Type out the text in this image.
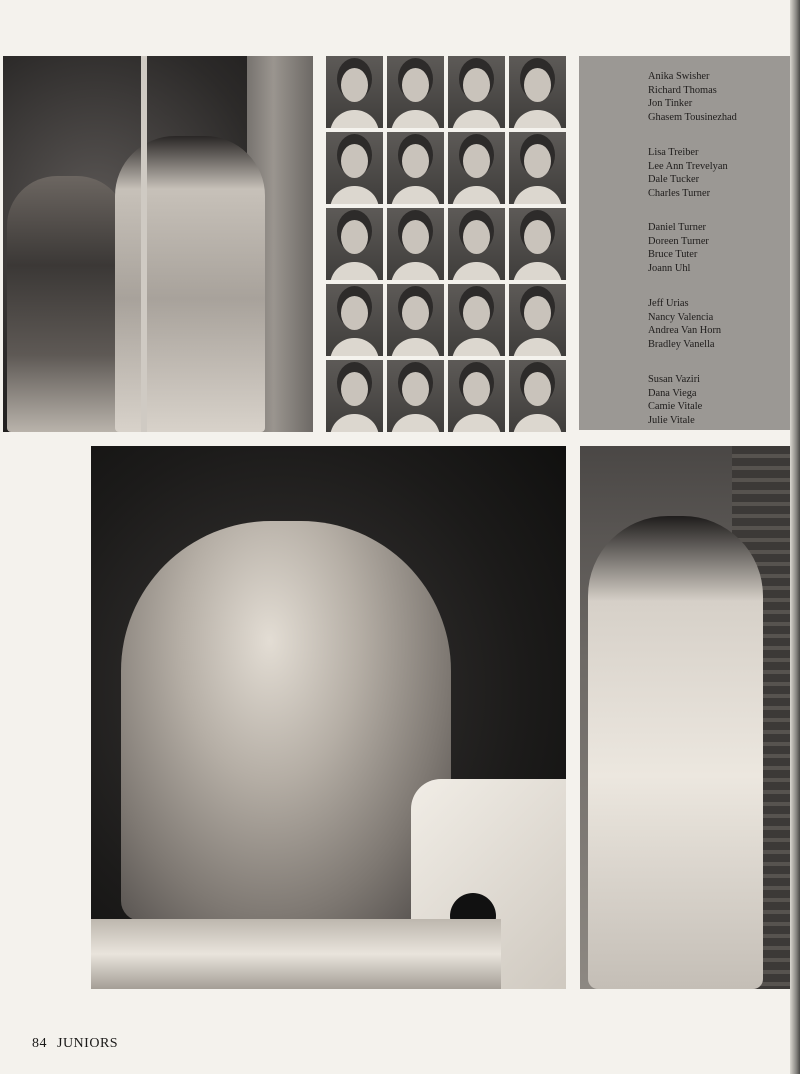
Anika Swisher
Richard Thomas
Jon Tinker
Ghasem Tousinezhad
Lisa Treiber
Lee Ann Trevelyan
Dale Tucker
Charles Turner
Daniel Turner
Doreen Turner
Bruce Tuter
Joann Uhl
Jeff Urias
Nancy Valencia
Andrea Van Horn
Bradley Vanella
Susan Vaziri
Dana Viega
Camie Vitale
Julie Vitale
84 JUNIORS
